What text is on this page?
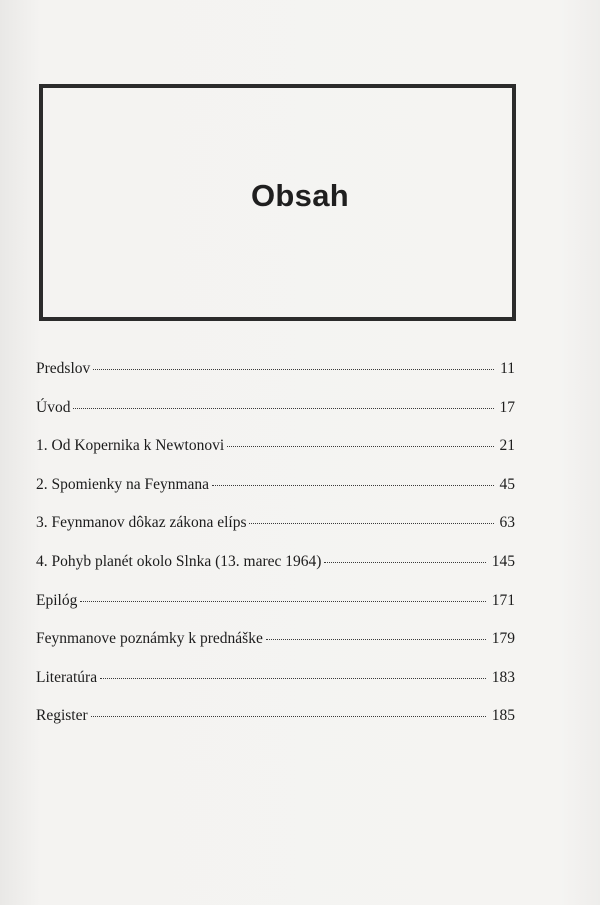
Obsah
Predslov	11
Úvod	17
1. Od Kopernika k Newtonovi	21
2. Spomienky na Feynmana	45
3. Feynmanov dôkaz zákona elíps	63
4. Pohyb planét okolo Slnka (13. marec 1964)	145
Epilóg	171
Feynmanove poznámky k prednáške	179
Literatúra	183
Register	185
